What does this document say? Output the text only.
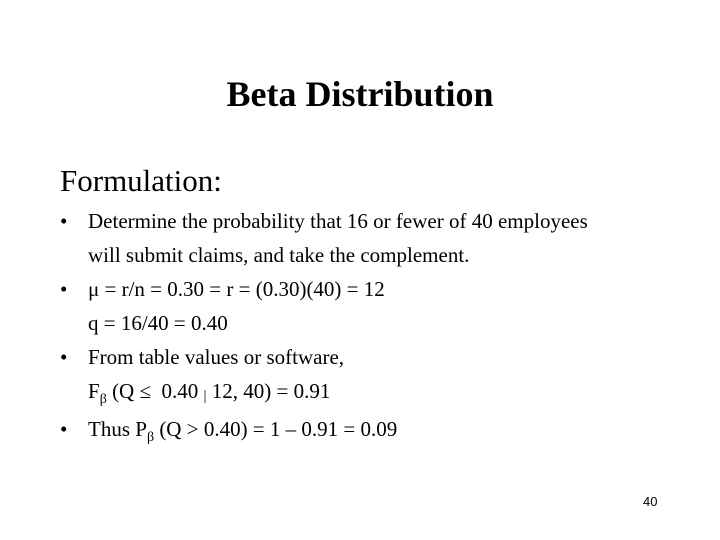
Beta Distribution
Formulation:
• Determine the probability that 16 or fewer of 40 employees
will submit claims, and take the complement.
• μ = r/n = 0.30 = r = (0.30)(40) = 12
q = 16/40 = 0.40
• From table values or software,
$F_\beta$ (Q ≤  0.40 | 12, 40) = 0.91
• Thus $P_\beta$ (Q > 0.40) = 1 – 0.91 = 0.09
40
